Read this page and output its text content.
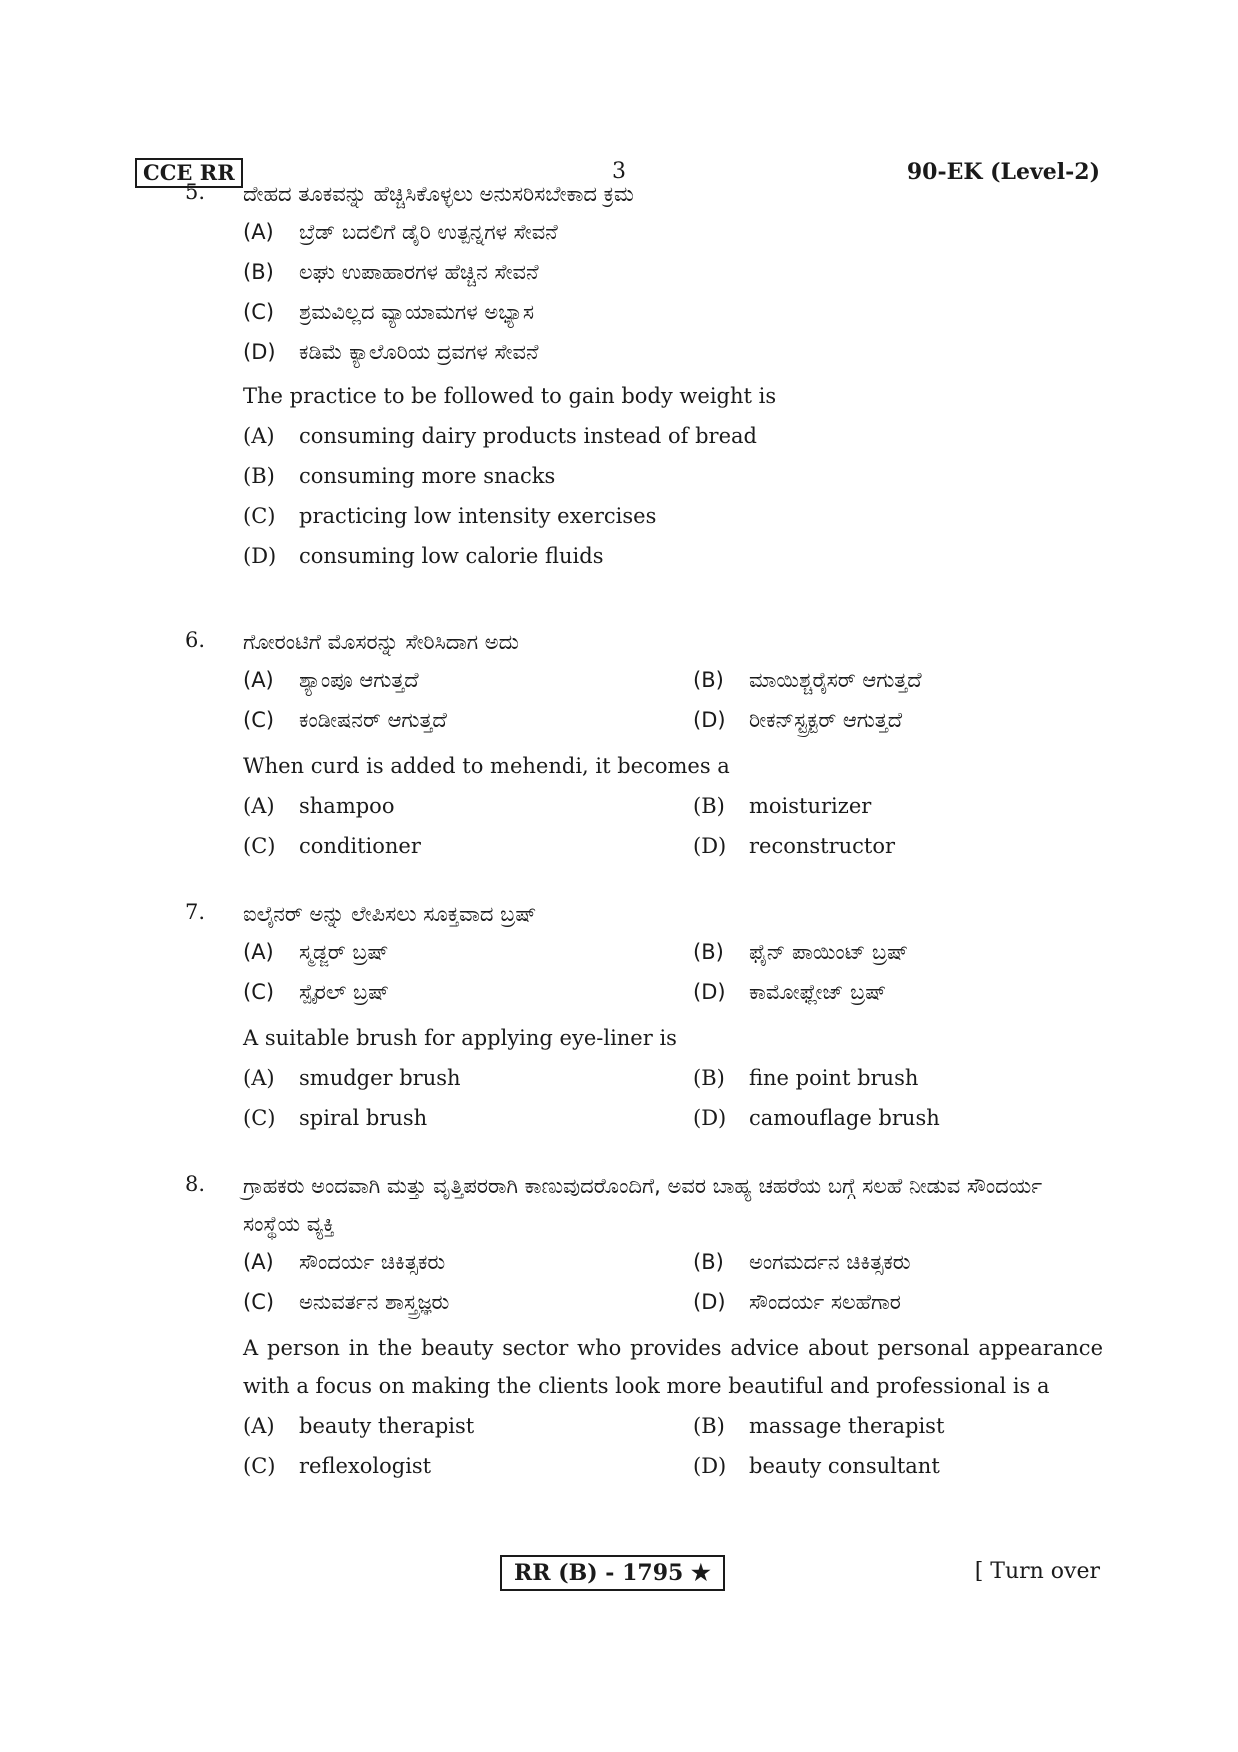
CCE RR	3	90-EK (Level-2)
5. ದೇಹದ ತೂಕವನ್ನು ಹೆಚ್ಚಿಸಿಕೊಳ್ಳಲು ಅನುಸರಿಸಬೇಕಾದ ಕ್ರಮ

(A)	ಬ್ರೆಡ್ ಬದಲಿಗೆ ಡೈರಿ ಉತ್ಪನ್ನಗಳ ಸೇವನೆ
(B)	ಲಘು ಉಪಾಹಾರಗಳ ಹೆಚ್ಚಿನ ಸೇವನೆ
(C)	ಶ್ರಮವಿಲ್ಲದ ವ್ಯಾಯಾಮಗಳ ಅಭ್ಯಾಸ
(D)	ಕಡಿಮೆ ಕ್ಯಾಲೊರಿಯ ದ್ರವಗಳ ಸೇವನೆ

The practice to be followed to gain body weight is

(A)	consuming dairy products instead of bread
(B)	consuming more snacks
(C)	practicing low intensity exercises
(D)	consuming low calorie fluids
6. ಗೋರಂಟಿಗೆ ಮೊಸರನ್ನು ಸೇರಿಸಿದಾಗ ಅದು

(A)	ಶ್ಯಾಂಪೂ ಆಗುತ್ತದೆ	(B)	ಮಾಯಿಶ್ಚರೈಸರ್ ಆಗುತ್ತದೆ
(C)	ಕಂಡೀಷನರ್ ಆಗುತ್ತದೆ	(D)	ರೀಕನ್‌ಸ್ಟ್ರಕ್ಟರ್ ಆಗುತ್ತದೆ

When curd is added to mehendi, it becomes a

(A)	shampoo	(B)	moisturizer
(C)	conditioner	(D)	reconstructor
7. ಐಲೈನರ್ ಅನ್ನು ಲೇಪಿಸಲು ಸೂಕ್ತವಾದ ಬ್ರಷ್

(A)	ಸ್ಮಡ್ಜರ್ ಬ್ರಷ್	(B)	ಫೈನ್ ಪಾಯಿಂಟ್ ಬ್ರಷ್
(C)	ಸ್ಪೈರಲ್ ಬ್ರಷ್	(D)	ಕಾಮೋಫ್ಲೇಜ್ ಬ್ರಷ್

A suitable brush for applying eye-liner is

(A)	smudger brush	(B)	fine point brush
(C)	spiral brush	(D)	camouflage brush
8. ಗ್ರಾಹಕರು ಅಂದವಾಗಿ ಮತ್ತು ವೃತ್ತಿಪರರಾಗಿ ಕಾಣುವುದರೊಂದಿಗೆ, ಅವರ ಬಾಹ್ಯ ಚಹರೆಯ ಬಗ್ಗೆ ಸಲಹೆ ನೀಡುವ ಸೌಂದರ್ಯ ಸಂಸ್ಥೆಯ ವ್ಯಕ್ತಿ

(A)	ಸೌಂದರ್ಯ ಚಿಕಿತ್ಸಕರು	(B)	ಅಂಗಮರ್ದನ ಚಿಕಿತ್ಸಕರು
(C)	ಅನುವರ್ತನ ಶಾಸ್ತ್ರಜ್ಞರು	(D)	ಸೌಂದರ್ಯ ಸಲಹೆಗಾರ

A person in the beauty sector who provides advice about personal appearance with a focus on making the clients look more beautiful and professional is a

(A)	beauty therapist	(B)	massage therapist
(C)	reflexologist	(D)	beauty consultant
RR (B) - 1795 ★	[ Turn over
